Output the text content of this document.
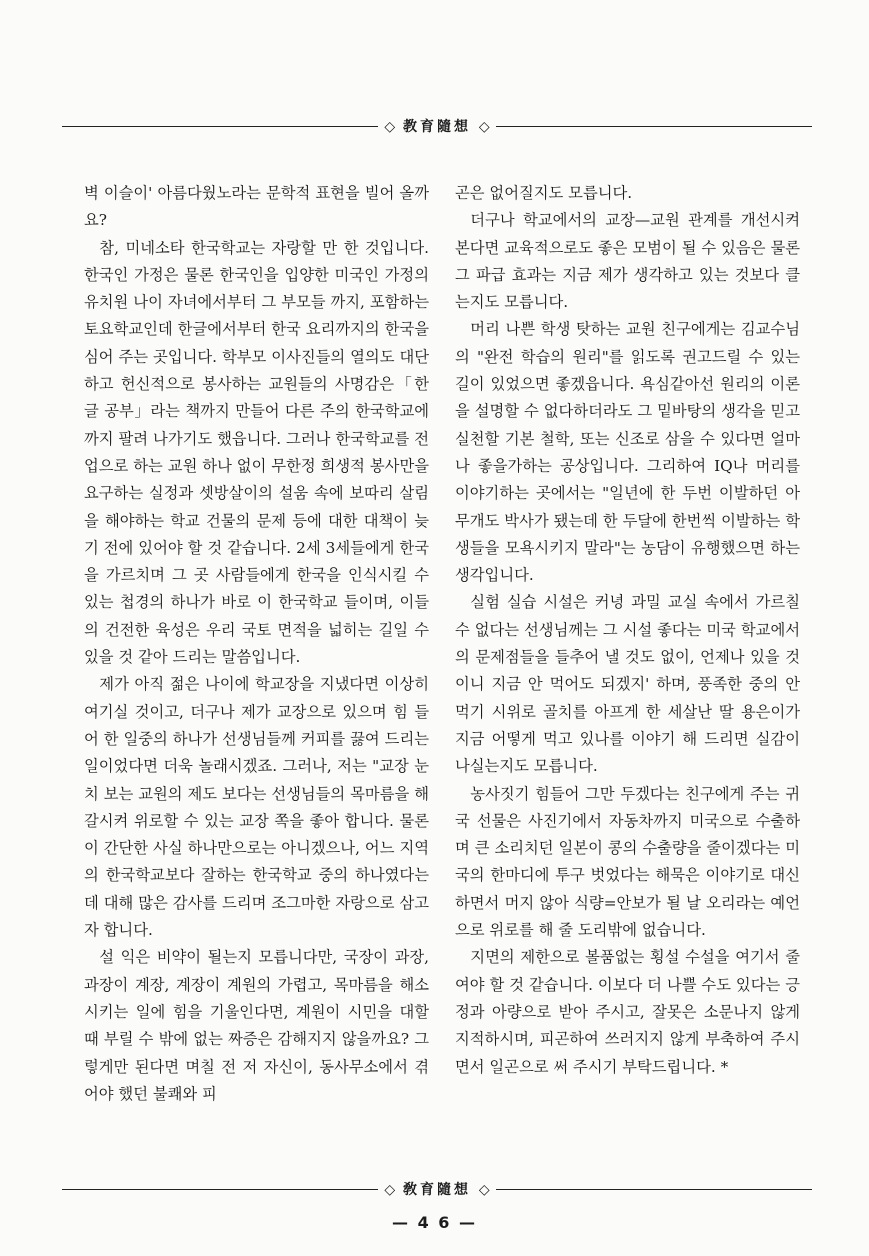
◇ 教育隨想 ◇

벽 이슬이' 아름다웠노라는 문학적 표현을 빌어 올까요?

참, 미네소타 한국학교는 자랑할 만 한 것입니다. 한국인 가정은 물론 한국인을 입양한 미국인 가정의 유치원 나이 자녀에서부터 그 부모들 까지, 포함하는 토요학교인데 한글에서부터 한국 요리까지의 한국을 심어 주는 곳입니다. 학부모 이사진들의 열의도 대단하고 헌신적으로 봉사하는 교원들의 사명감은「한글 공부」라는 책까지 만들어 다른 주의 한국학교에 까지 팔려 나가기도 했읍니다. 그러나 한국학교를 전업으로 하는 교원 하나 없이 무한정 희생적 봉사만을 요구하는 실정과 셋방살이의 설움 속에 보따리 살림을 해야하는 학교 건물의 문제 등에 대한 대책이 늦기 전에 있어야 할 것 같습니다. 2세 3세들에게 한국을 가르치며 그 곳 사람들에게 한국을 인식시킬 수 있는 첩경의 하나가 바로 이 한국학교 들이며, 이들의 건전한 육성은 우리 국토 면적을 넓히는 길일 수 있을 것 같아 드리는 말씀입니다.

제가 아직 젊은 나이에 학교장을 지냈다면 이상히 여기실 것이고, 더구나 제가 교장으로 있으며 힘 들어 한 일중의 하나가 선생님들께 커피를 끓여 드리는 일이었다면 더욱 놀래시겠죠. 그러나, 저는 "교장 눈치 보는 교원의 제도 보다는 선생님들의 목마름을 해갈시켜 위로할 수 있는 교장 쪽을 좋아 합니다. 물론 이 간단한 사실 하나만으로는 아니겠으나, 어느 지역의 한국학교보다 잘하는 한국학교 중의 하나였다는데 대해 많은 감사를 드리며 조그마한 자랑으로 삼고자 합니다.

설 익은 비약이 될는지 모릅니다만, 국장이 과장, 과장이 계장, 계장이 계원의 가렵고, 목마름을 해소시키는 일에 힘을 기울인다면, 계원이 시민을 대할 때 부릴 수 밖에 없는 짜증은 감해지지 않을까요? 그렇게만 된다면 며칠 전 저 자신이, 동사무소에서 겪어야 했던 불쾌와 피

곤은 없어질지도 모릅니다.

더구나 학교에서의 교장—교원 관계를 개선시켜 본다면 교육적으로도 좋은 모범이 될 수 있음은 물론 그 파급 효과는 지금 제가 생각하고 있는 것보다 클는지도 모릅니다.

머리 나쁜 학생 탓하는 교원 친구에게는 김교수님의 "완전 학습의 원리"를 읽도록 권고드릴 수 있는 길이 있었으면 좋겠읍니다. 욕심같아선 원리의 이론을 설명할 수 없다하더라도 그 밑바탕의 생각을 믿고 실천할 기본 철학, 또는 신조로 삼을 수 있다면 얼마나 좋을가하는 공상입니다. 그리하여 IQ나 머리를 이야기하는 곳에서는 "일년에 한 두번 이발하던 아무개도 박사가 됐는데 한 두달에 한번씩 이발하는 학생들을 모욕시키지 말라"는 농담이 유행했으면 하는 생각입니다.

실험 실습 시설은 커녕 과밀 교실 속에서 가르칠 수 없다는 선생님께는 그 시설 좋다는 미국 학교에서의 문제점들을 들추어 낼 것도 없이, 언제나 있을 것이니 지금 안 먹어도 되겠지' 하며, 풍족한 중의 안 먹기 시위로 골치를 아프게 한 세살난 딸 용은이가 지금 어떻게 먹고 있나를 이야기 해 드리면 실감이 나실는지도 모릅니다.

농사짓기 힘들어 그만 두겠다는 친구에게 주는 귀국 선물은 사진기에서 자동차까지 미국으로 수출하며 큰 소리치던 일본이 콩의 수출량을 줄이겠다는 미국의 한마디에 투구 벗었다는 해묵은 이야기로 대신하면서 머지 않아 식량=안보가 될 날 오리라는 예언으로 위로를 해 줄 도리밖에 없습니다.

지면의 제한으로 볼품없는 횡설 수설을 여기서 줄여야 할 것 같습니다. 이보다 더 나쁠 수도 있다는 긍정과 아량으로 받아 주시고, 잘못은 소문나지 않게 지적하시며, 피곤하여 쓰러지지 않게 부축하여 주시면서 일곤으로 써 주시기 부탁드립니다. *

◇ 敎育隨想 ◇
— 4 6 —
